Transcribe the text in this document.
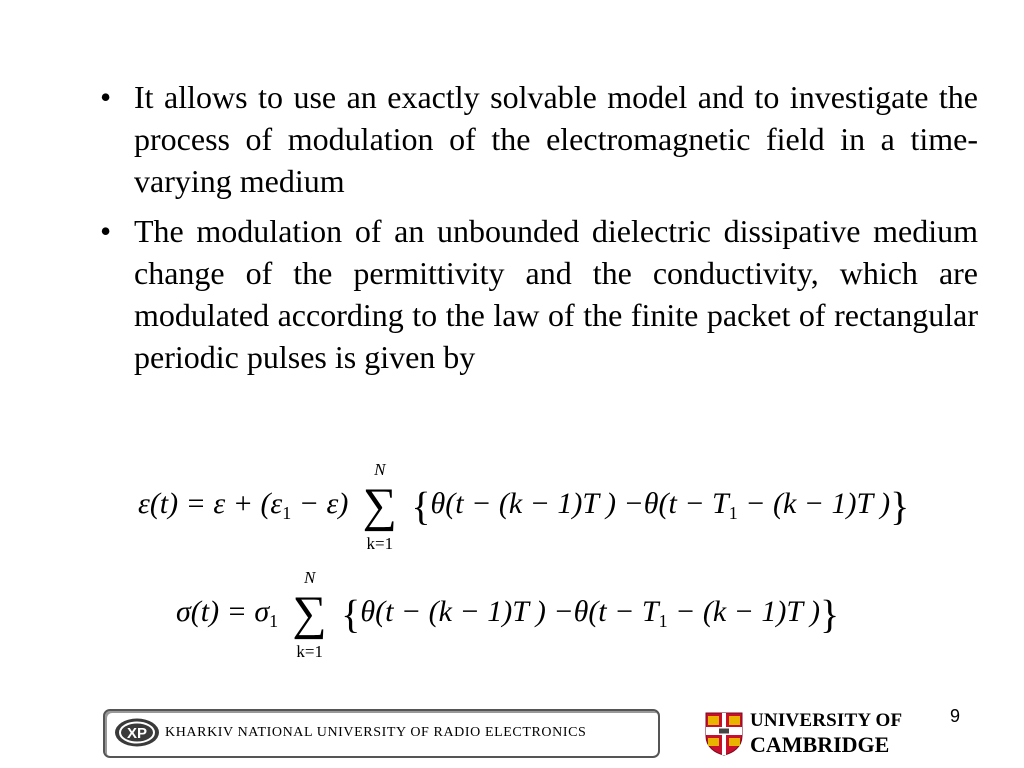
• It allows to use an exactly solvable model and to investigate the process of modulation of the electromagnetic field in a time-varying medium
• The modulation of an unbounded dielectric dissipative medium change of the permittivity and the conductivity, which are modulated according to the law of the finite packet of rectangular periodic pulses is given by
$\varepsilon(t) = \varepsilon + (\varepsilon_1 - \varepsilon)$
N
∑
k=1
{θ(t − (k − 1)T ) $-\theta(t - T_1 - (k - 1)T$ )}
$\sigma(t) = \sigma_1$
N
∑
k=1
{θ(t − (k − 1)T ) $-\theta(t - T_1 - (k - 1)T$ )}
XP KHARKIV NATIONAL UNIVERSITY OF RADIO ELECTRONICS
UNIVERSITY OF
CAMBRIDGE
9
